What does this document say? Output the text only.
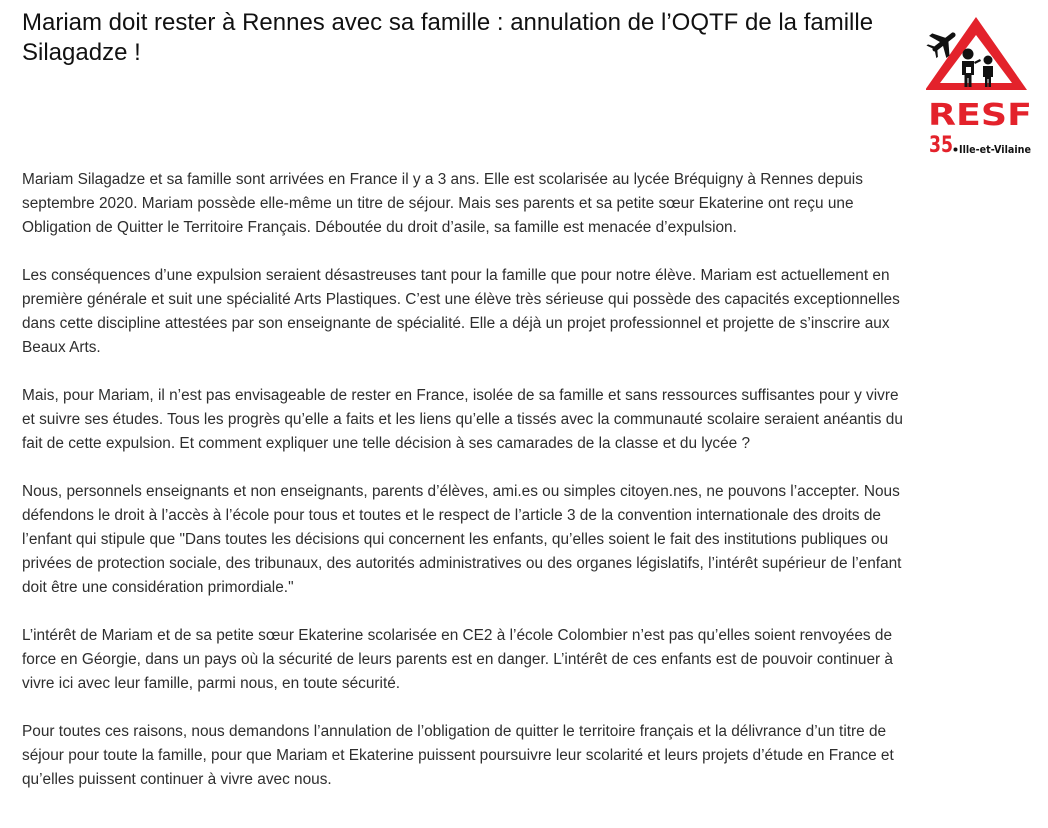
Mariam doit rester à Rennes avec sa famille : annulation de l’OQTF de la famille Silagadze !
RESF
35 Ille-et-Vilaine

Mariam Silagadze et sa famille sont arrivées en France il y a 3 ans. Elle est scolarisée au lycée Bréquigny à Rennes depuis septembre 2020. Mariam possède elle-même un titre de séjour. Mais ses parents et sa petite sœur Ekaterine ont reçu une Obligation de Quitter le Territoire Français. Déboutée du droit d’asile, sa famille est menacée d’expulsion.

Les conséquences d’une expulsion seraient désastreuses tant pour la famille que pour notre élève. Mariam est actuellement en première générale et suit une spécialité Arts Plastiques. C’est une élève très sérieuse qui possède des capacités exceptionnelles dans cette discipline attestées par son enseignante de spécialité. Elle a déjà un projet professionnel et projette de s’inscrire aux Beaux Arts.

Mais, pour Mariam, il n’est pas envisageable de rester en France, isolée de sa famille et sans ressources suffisantes pour y vivre et suivre ses études. Tous les progrès qu’elle a faits et les liens qu’elle a tissés avec la communauté scolaire seraient anéantis du fait de cette expulsion. Et comment expliquer une telle décision à ses camarades de la classe et du lycée ?

Nous, personnels enseignants et non enseignants, parents d’élèves, ami.es ou simples citoyen.nes, ne pouvons l’accepter. Nous défendons le droit à l’accès à l’école pour tous et toutes et le respect de l’article 3 de la convention internationale des droits de l’enfant qui stipule que "Dans toutes les décisions qui concernent les enfants, qu’elles soient le fait des institutions publiques ou privées de protection sociale, des tribunaux, des autorités administratives ou des organes législatifs, l’intérêt supérieur de l’enfant doit être une considération primordiale."

L’intérêt de Mariam et de sa petite sœur Ekaterine scolarisée en CE2 à l’école Colombier n’est pas qu’elles soient renvoyées de force en Géorgie, dans un pays où la sécurité de leurs parents est en danger. L’intérêt de ces enfants est de pouvoir continuer à vivre ici avec leur famille, parmi nous, en toute sécurité.

Pour toutes ces raisons, nous demandons l’annulation de l’obligation de quitter le territoire français et la délivrance d’un titre de séjour pour toute la famille, pour que Mariam et Ekaterine puissent poursuivre leur scolarité et leurs projets d’étude en France et qu’elles puissent continuer à vivre avec nous.
